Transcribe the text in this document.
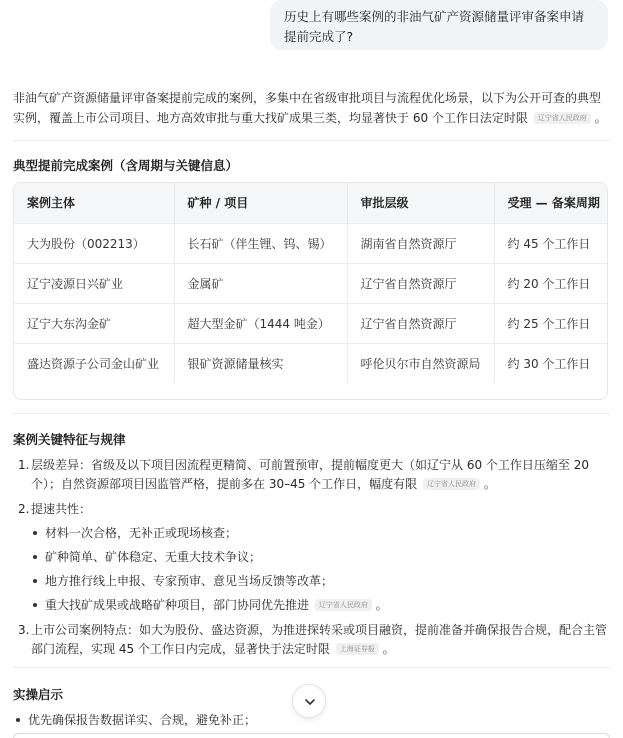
历史上有哪些案例的非油气矿产资源储量评审备案申请提前完成了?
非油气矿产资源储量评审备案提前完成的案例，多集中在省级审批项目与流程优化场景，以下为公开可查的典型实例，覆盖上市公司项目、地方高效审批与重大找矿成果三类，均显著快于 60 个工作日法定时限 辽宁省人民政府 。
典型提前完成案例（含周期与关键信息）
案例主体	矿种 / 项目	审批层级	受理 — 备案周期
大为股份（002213）	长石矿（伴生锂、钨、锡）	湖南省自然资源厅	约 45 个工作日
辽宁凌源日兴矿业	金属矿	辽宁省自然资源厅	约 20 个工作日
辽宁大东沟金矿	超大型金矿（1444 吨金）	辽宁省自然资源厅	约 25 个工作日
盛达资源子公司金山矿业	银矿资源储量核实	呼伦贝尔市自然资源局	约 30 个工作日
案例关键特征与规律
1. 层级差异：省级及以下项目因流程更精简、可前置预审，提前幅度更大（如辽宁从 60 个工作日压缩至 20 个）；自然资源部项目因监管严格，提前多在 30–45 个工作日，幅度有限 辽宁省人民政府 。
2. 提速共性：
材料一次合格，无补正或现场核查；
矿种简单、矿体稳定、无重大技术争议；
地方推行线上申报、专家预审、意见当场反馈等改革；
重大找矿成果或战略矿种项目，部门协同优先推进 辽宁省人民政府 。
3. 上市公司案例特点：如大为股份、盛达资源，为推进探转采或项目融资，提前准备并确保报告合规，配合主管部门流程，实现 45 个工作日内完成，显著快于法定时限 上海证券报 。
实操启示
优先确保报告数据详实、合规，避免补正；
